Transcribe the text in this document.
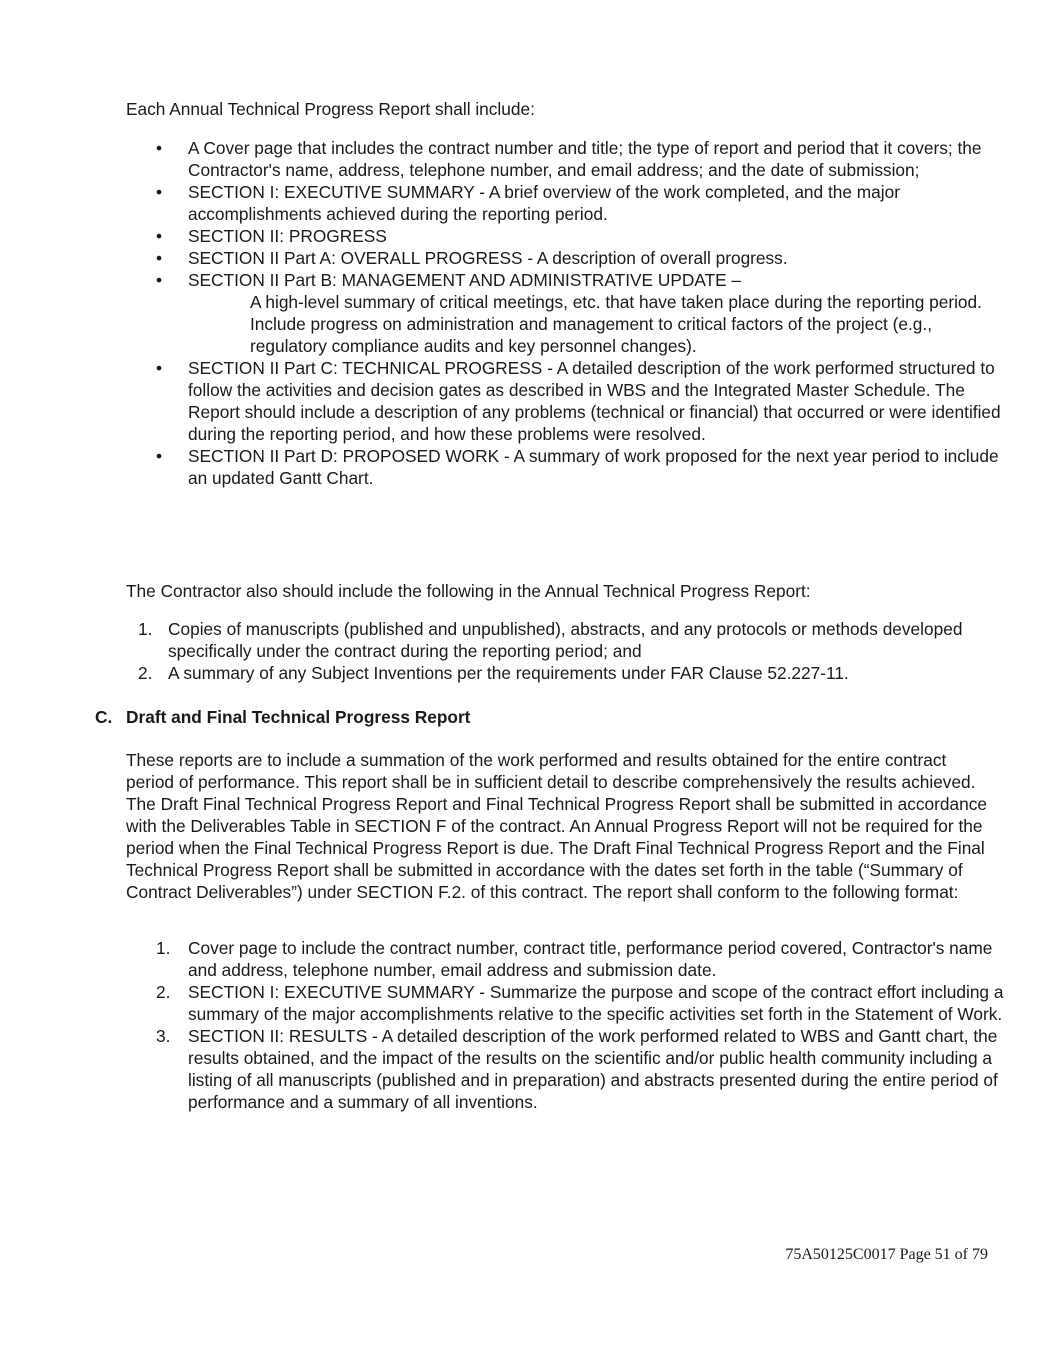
Each Annual Technical Progress Report shall include:

• A Cover page that includes the contract number and title; the type of report and period that it covers; the Contractor's name, address, telephone number, and email address; and the date of submission;
• SECTION I: EXECUTIVE SUMMARY - A brief overview of the work completed, and the major accomplishments achieved during the reporting period.
• SECTION II: PROGRESS
• SECTION II Part A: OVERALL PROGRESS - A description of overall progress.
• SECTION II Part B: MANAGEMENT AND ADMINISTRATIVE UPDATE –
A high-level summary of critical meetings, etc. that have taken place during the reporting period. Include progress on administration and management to critical factors of the project (e.g., regulatory compliance audits and key personnel changes).
• SECTION II Part C: TECHNICAL PROGRESS - A detailed description of the work performed structured to follow the activities and decision gates as described in WBS and the Integrated Master Schedule. The Report should include a description of any problems (technical or financial) that occurred or were identified during the reporting period, and how these problems were resolved.
• SECTION II Part D: PROPOSED WORK - A summary of work proposed for the next year period to include an updated Gantt Chart.

The Contractor also should include the following in the Annual Technical Progress Report:

1. Copies of manuscripts (published and unpublished), abstracts, and any protocols or methods developed specifically under the contract during the reporting period; and
2. A summary of any Subject Inventions per the requirements under FAR Clause 52.227-11.
C. Draft and Final Technical Progress Report

These reports are to include a summation of the work performed and results obtained for the entire contract period of performance. This report shall be in sufficient detail to describe comprehensively the results achieved. The Draft Final Technical Progress Report and Final Technical Progress Report shall be submitted in accordance with the Deliverables Table in SECTION F of the contract. An Annual Progress Report will not be required for the period when the Final Technical Progress Report is due. The Draft Final Technical Progress Report and the Final Technical Progress Report shall be submitted in accordance with the dates set forth in the table (“Summary of Contract Deliverables”) under SECTION F.2. of this contract. The report shall conform to the following format:

1. Cover page to include the contract number, contract title, performance period covered, Contractor's name and address, telephone number, email address and submission date.
2. SECTION I: EXECUTIVE SUMMARY - Summarize the purpose and scope of the contract effort including a summary of the major accomplishments relative to the specific activities set forth in the Statement of Work.
3. SECTION II: RESULTS - A detailed description of the work performed related to WBS and Gantt chart, the results obtained, and the impact of the results on the scientific and/or public health community including a listing of all manuscripts (published and in preparation) and abstracts presented during the entire period of performance and a summary of all inventions.
75A50125C0017 Page 51 of 79
